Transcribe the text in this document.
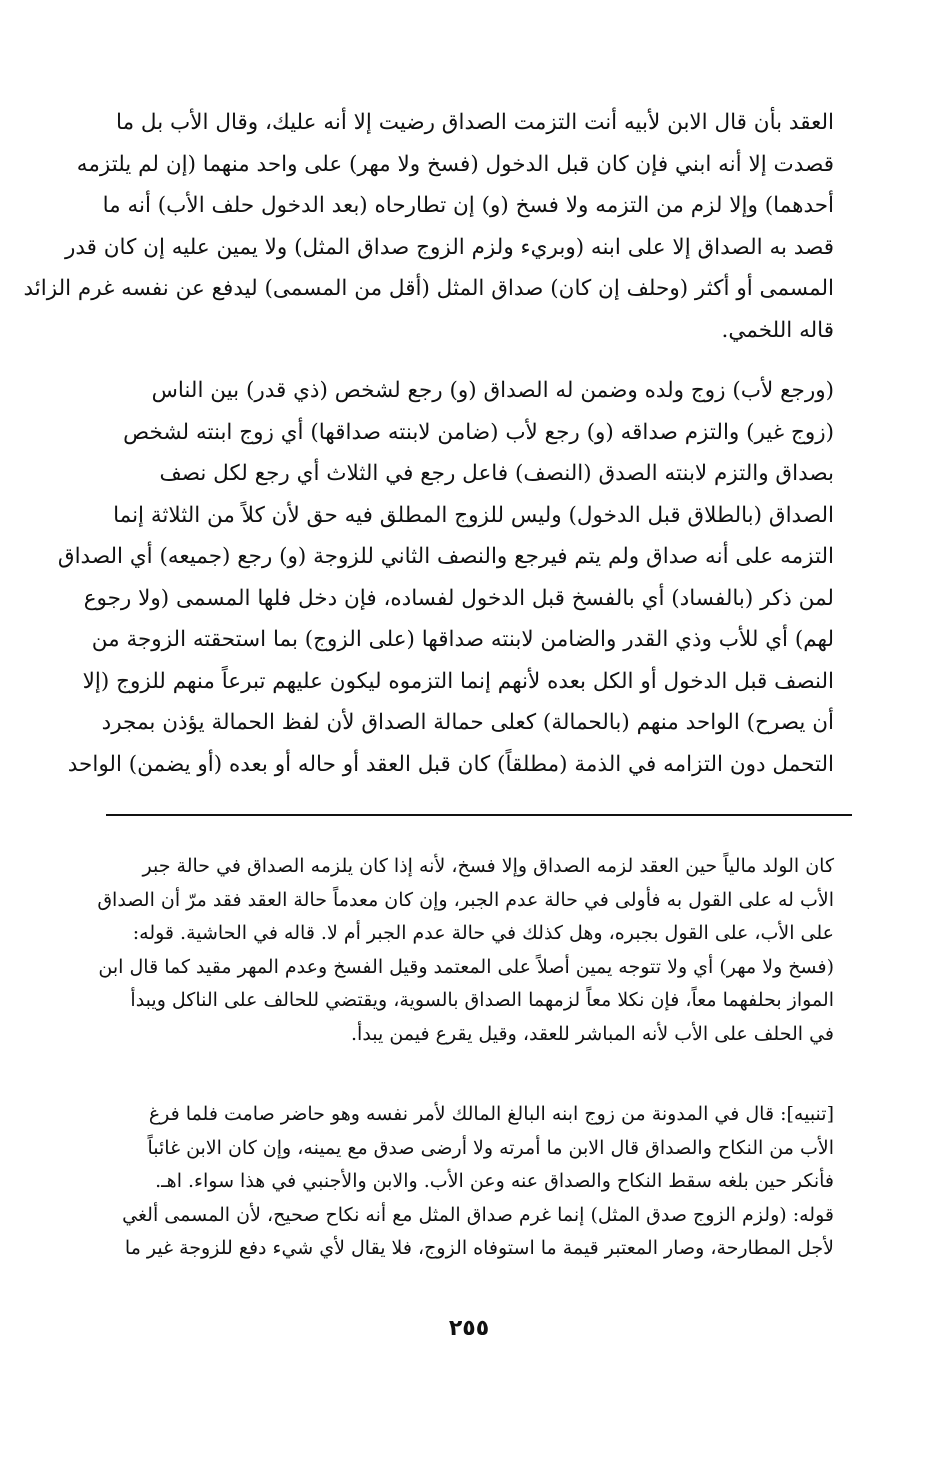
العقد بأن قال الابن لأبيه أنت التزمت الصداق رضيت إلا أنه عليك، وقال الأب بل ما
قصدت إلا أنه ابني فإن كان قبل الدخول (فسخ ولا مهر) على واحد منهما (إن لم يلتزمه
أحدهما) وإلا لزم من التزمه ولا فسخ (و) إن تطارحاه (بعد الدخول حلف الأب) أنه ما
قصد به الصداق إلا على ابنه (وبريء ولزم الزوج صداق المثل) ولا يمين عليه إن كان قدر
المسمى أو أكثر (وحلف إن كان) صداق المثل (أقل من المسمى) ليدفع عن نفسه غرم الزائد
قاله اللخمي.
(ورجع لأب) زوج ولده وضمن له الصداق (و) رجع لشخص (ذي قدر) بين الناس
(زوج غير) والتزم صداقه (و) رجع لأب (ضامن لابنته صداقها) أي زوج ابنته لشخص
بصداق والتزم لابنته الصدق (النصف) فاعل رجع في الثلاث أي رجع لكل نصف
الصداق (بالطلاق قبل الدخول) وليس للزوج المطلق فيه حق لأن كلاً من الثلاثة إنما
التزمه على أنه صداق ولم يتم فيرجع والنصف الثاني للزوجة (و) رجع (جميعه) أي الصداق
لمن ذكر (بالفساد) أي بالفسخ قبل الدخول لفساده، فإن دخل فلها المسمى (ولا رجوع
لهم) أي للأب وذي القدر والضامن لابنته صداقها (على الزوج) بما استحقته الزوجة من
النصف قبل الدخول أو الكل بعده لأنهم إنما التزموه ليكون عليهم تبرعاً منهم للزوج (إلا
أن يصرح) الواحد منهم (بالحمالة) كعلى حمالة الصداق لأن لفظ الحمالة يؤذن بمجرد
التحمل دون التزامه في الذمة (مطلقاً) كان قبل العقد أو حاله أو بعده (أو يضمن) الواحد
كان الولد مالياً حين العقد لزمه الصداق وإلا فسخ، لأنه إذا كان يلزمه الصداق في حالة جبر
الأب له على القول به فأولى في حالة عدم الجبر، وإن كان معدماً حالة العقد فقد مرّ أن الصداق
على الأب، على القول بجبره، وهل كذلك في حالة عدم الجبر أم لا. قاله في الحاشية. قوله:
(فسخ ولا مهر) أي ولا تتوجه يمين أصلاً على المعتمد وقيل الفسخ وعدم المهر مقيد كما قال ابن
المواز بحلفهما معاً، فإن نكلا معاً لزمهما الصداق بالسوية، ويقتضي للحالف على الناكل ويبدأ
في الحلف على الأب لأنه المباشر للعقد، وقيل يقرع فيمن يبدأ.
[تنبيه]: قال في المدونة من زوج ابنه البالغ المالك لأمر نفسه وهو حاضر صامت فلما فرغ
الأب من النكاح والصداق قال الابن ما أمرته ولا أرضى صدق مع يمينه، وإن كان الابن غائباً
فأنكر حين بلغه سقط النكاح والصداق عنه وعن الأب. والابن والأجنبي في هذا سواء. اهـ.
قوله: (ولزم الزوج صدق المثل) إنما غرم صداق المثل مع أنه نكاح صحيح، لأن المسمى ألغي
لأجل المطارحة، وصار المعتبر قيمة ما استوفاه الزوج، فلا يقال لأي شيء دفع للزوجة غير ما
٢٥٥
